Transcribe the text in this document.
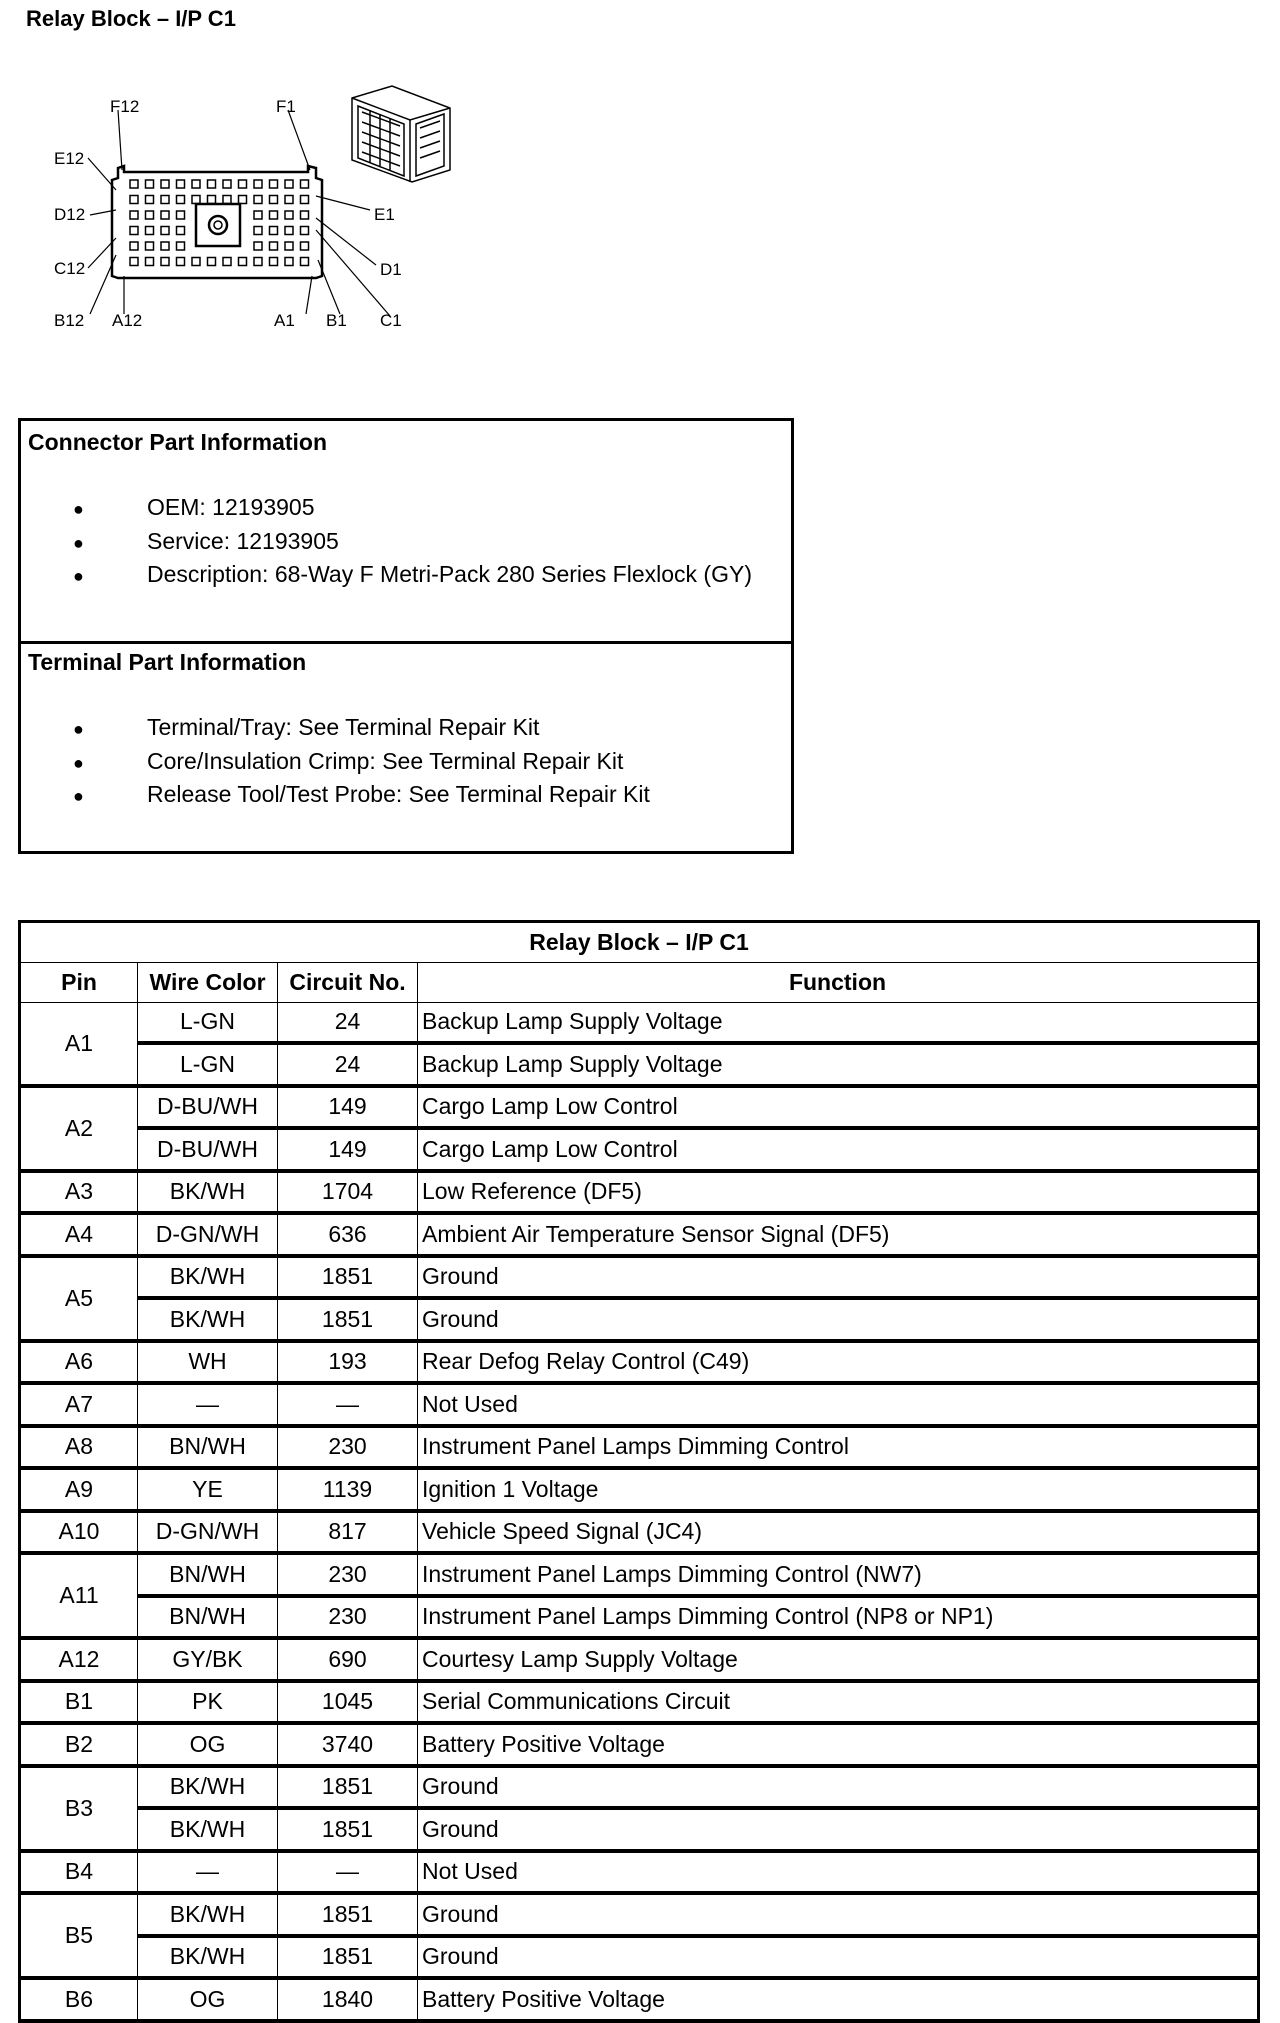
Relay Block – I/P C1
F12	F1
E12
E1
D12
D1
C12
C1
B12 A12	A1 B1
Connector Part Information
●	OEM: 12193905
●	Service: 12193905
●	Description: 68-Way F Metri-Pack 280 Series Flexlock (GY)
Terminal Part Information
●	Terminal/Tray: See Terminal Repair Kit
●	Core/Insulation Crimp: See Terminal Repair Kit
●	Release Tool/Test Probe: See Terminal Repair Kit
Relay Block – I/P C1			
Pin	Wire Color	Circuit No.	Function
A1	L-GN	24	Backup Lamp Supply Voltage
	L-GN	24	Backup Lamp Supply Voltage
A2	D-BU/WH	149	Cargo Lamp Low Control
	D-BU/WH	149	Cargo Lamp Low Control
A3	BK/WH	1704	Low Reference (DF5)
A4	D-GN/WH	636	Ambient Air Temperature Sensor Signal (DF5)
A5	BK/WH	1851	Ground
	BK/WH	1851	Ground
A6	WH	193	Rear Defog Relay Control (C49)
A7	—	—	Not Used
A8	BN/WH	230	Instrument Panel Lamps Dimming Control
A9	YE	1139	Ignition 1 Voltage
A10	D-GN/WH	817	Vehicle Speed Signal (JC4)
A11	BN/WH	230	Instrument Panel Lamps Dimming Control (NW7)
	BN/WH	230	Instrument Panel Lamps Dimming Control (NP8 or NP1)
A12	GY/BK	690	Courtesy Lamp Supply Voltage
B1	PK	1045	Serial Communications Circuit
B2	OG	3740	Battery Positive Voltage
B3	BK/WH	1851	Ground
	BK/WH	1851	Ground
B4	—	—	Not Used
B5	BK/WH	1851	Ground
	BK/WH	1851	Ground
B6	OG	1840	Battery Positive Voltage
